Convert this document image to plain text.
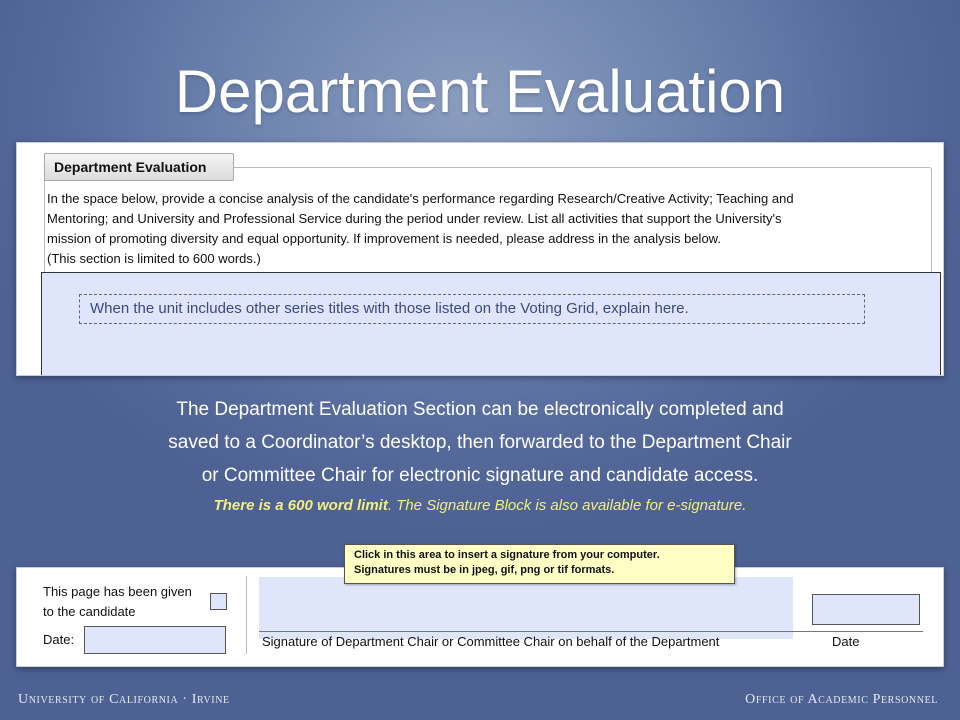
Department Evaluation
Department Evaluation
In the space below, provide a concise analysis of the candidate's performance regarding Research/Creative Activity; Teaching and
Mentoring; and University and Professional Service during the period under review. List all activities that support the University's
mission of promoting diversity and equal opportunity. If improvement is needed, please address in the analysis below.
(This section is limited to 600 words.)
When the unit includes other series titles with those listed on the Voting Grid, explain here.
The Department Evaluation Section can be electronically completed and
saved to a Coordinator’s desktop, then forwarded to the Department Chair
or Committee Chair for electronic signature and candidate access.
There is a 600 word limit. The Signature Block is also available for e-signature.
This page has been given
to the candidate
Date:	Signature of Department Chair or Committee Chair on behalf of the Department	Date
Click in this area to insert a signature from your computer.
Signatures must be in jpeg, gif, png or tif formats.
University of California · Irvine	Office of Academic Personnel
